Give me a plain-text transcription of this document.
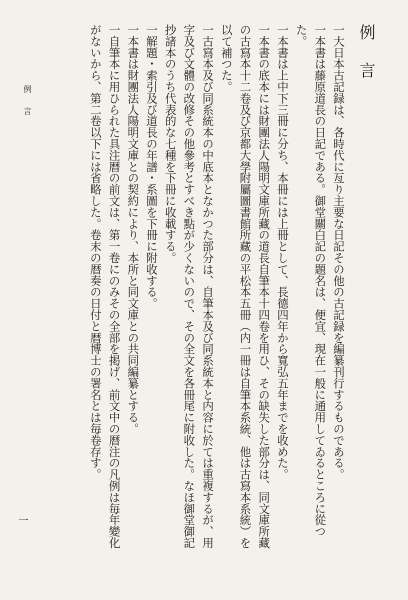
例言

一大日本古記録は、各時代に亙り主要な日記その他の古記録を編纂刊行するものである。

一本書は藤原道長の日記である。御堂關白記の題名は、便宜、現在一般に通用してゐるところに從つた。

一本書は上中下三冊に分ち、本冊には上冊として、長德四年から寬弘五年までを收めた。

一本書の底本には財團法人陽明文庫所藏の道長自筆本十四卷を用ひ、その缺失した部分は、同文庫所藏の古寫本十二卷及び京都大學附屬圖書館所藏の平松本五冊（内一冊は自筆本系統、他は古寫本系統）を以て補つた。

一古寫本及び同系統本の中底本となかつた部分は、自筆本及び同系統本と内容に於ては重複するが、用字及び文體の改修その他參考とすべき點が少くないので、その全文を各冊尾に附收した。なほ御堂御記抄諸本のうち代表的な七種を下冊に收載する。

一解題・索引及び道長の年譜・系圖を下冊に附收する。

一本書は財團法人陽明文庫との契約により、本所と同文庫との共同編纂とする。

一自筆本に用ひられた具注暦の前文は、第一卷にのみその全部を掲げ、前文中の暦注の凡例は毎年變化がないから、第二卷以下には省略した。卷末の暦奏の日付と暦博士の署名とは毎卷存す。

例言
一
